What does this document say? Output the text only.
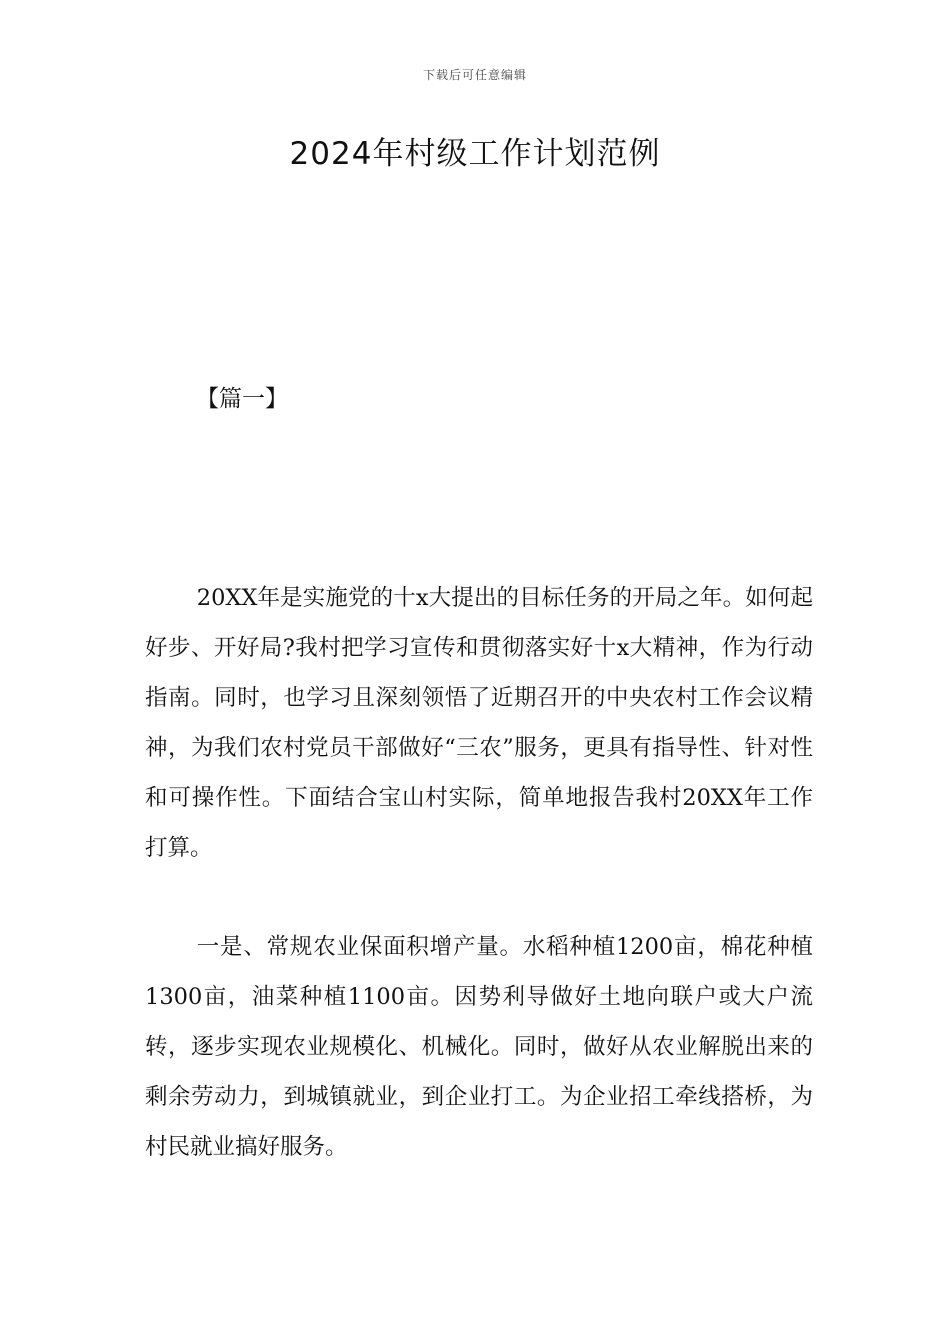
下载后可任意编辑
2024年村级工作计划范例
【篇一】

20XX年是实施党的十x大提出的目标任务的开局之年。如何起好步、开好局?我村把学习宣传和贯彻落实好十x大精神，作为行动指南。同时，也学习且深刻领悟了近期召开的中央农村工作会议精神，为我们农村党员干部做好“三农”服务，更具有指导性、针对性和可操作性。下面结合宝山村实际，简单地报告我村20XX年工作打算。

一是、常规农业保面积增产量。水稻种植1200亩，棉花种植1300亩，油菜种植1100亩。因势利导做好土地向联户或大户流转，逐步实现农业规模化、机械化。同时，做好从农业解脱出来的剩余劳动力，到城镇就业，到企业打工。为企业招工牵线搭桥，为村民就业搞好服务。
